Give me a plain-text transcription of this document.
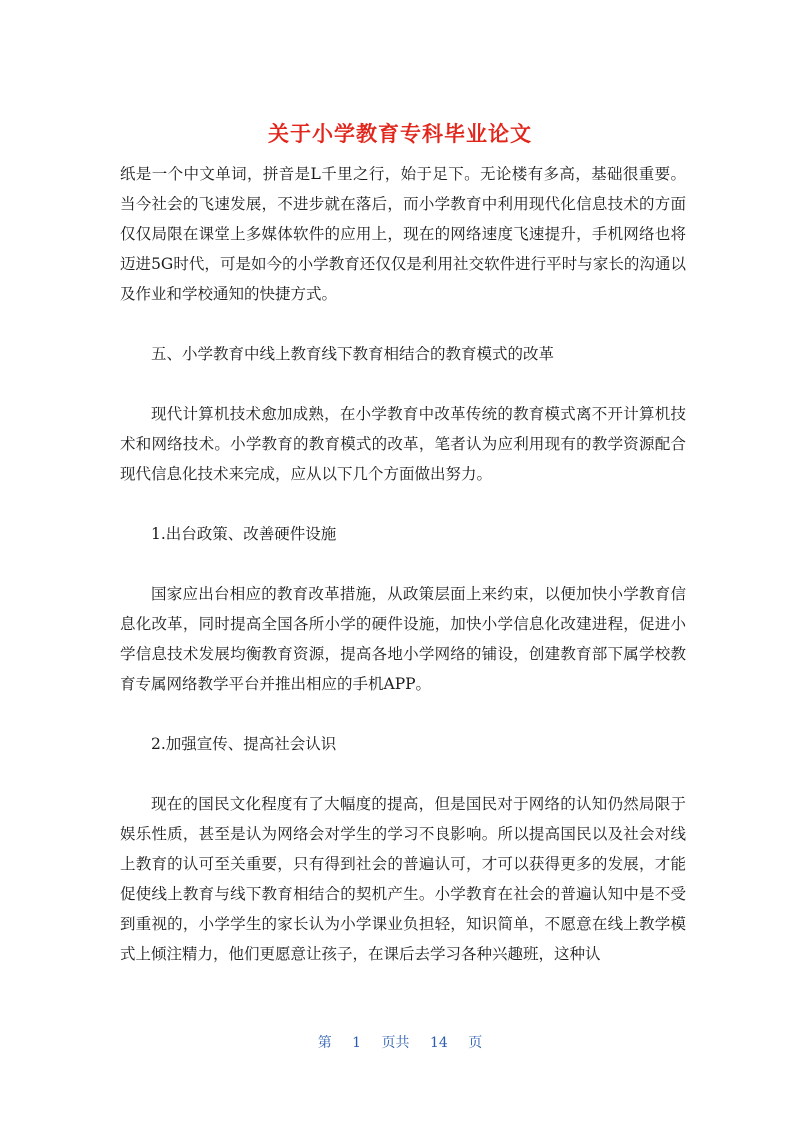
关于小学教育专科毕业论文

纸是一个中文单词，拼音是L千里之行，始于足下。无论楼有多高，基础很重要。当今社会的飞速发展，不进步就在落后，而小学教育中利用现代化信息技术的方面仅仅局限在课堂上多媒体软件的应用上，现在的网络速度飞速提升，手机网络也将迈进5G时代，可是如今的小学教育还仅仅是利用社交软件进行平时与家长的沟通以及作业和学校通知的快捷方式。

五、小学教育中线上教育线下教育相结合的教育模式的改革

现代计算机技术愈加成熟，在小学教育中改革传统的教育模式离不开计算机技术和网络技术。小学教育的教育模式的改革，笔者认为应利用现有的教学资源配合现代信息化技术来完成，应从以下几个方面做出努力。

1.出台政策、改善硬件设施

国家应出台相应的教育改革措施，从政策层面上来约束，以便加快小学教育信息化改革，同时提高全国各所小学的硬件设施，加快小学信息化改建进程，促进小学信息技术发展均衡教育资源，提高各地小学网络的铺设，创建教育部下属学校教育专属网络教学平台并推出相应的手机APP。

2.加强宣传、提高社会认识

现在的国民文化程度有了大幅度的提高，但是国民对于网络的认知仍然局限于娱乐性质，甚至是认为网络会对学生的学习不良影响。所以提高国民以及社会对线上教育的认可至关重要，只有得到社会的普遍认可，才可以获得更多的发展，才能促使线上教育与线下教育相结合的契机产生。小学教育在社会的普遍认知中是不受到重视的，小学学生的家长认为小学课业负担轻，知识简单，不愿意在线上教学模式上倾注精力，他们更愿意让孩子，在课后去学习各种兴趣班，这种认

第 1 页共 14 页
